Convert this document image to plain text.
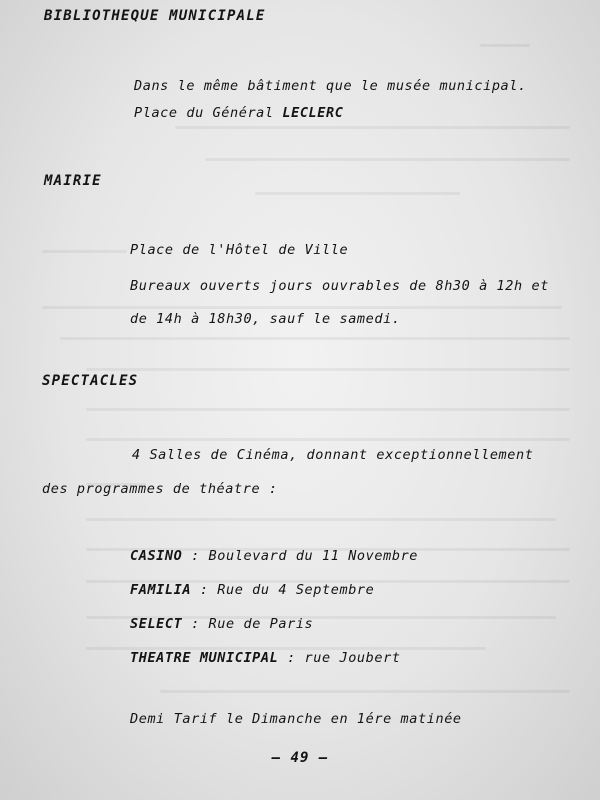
BIBLIOTHEQUE MUNICIPALE
Dans le même bâtiment que le musée municipal.
Place du Général LECLERC
MAIRIE
Place de l'Hôtel de Ville
Bureaux ouverts jours ouvrables de 8h30 à 12h et
de 14h à 18h30, sauf le samedi.
SPECTACLES
4 Salles de Cinéma, donnant exceptionnellement
des programmes de théatre :
CASINO : Boulevard du 11 Novembre
FAMILIA : Rue du 4 Septembre
SELECT : Rue de Paris
THEATRE MUNICIPAL : rue Joubert
Demi Tarif le Dimanche en 1ére matinée
– 49 –
